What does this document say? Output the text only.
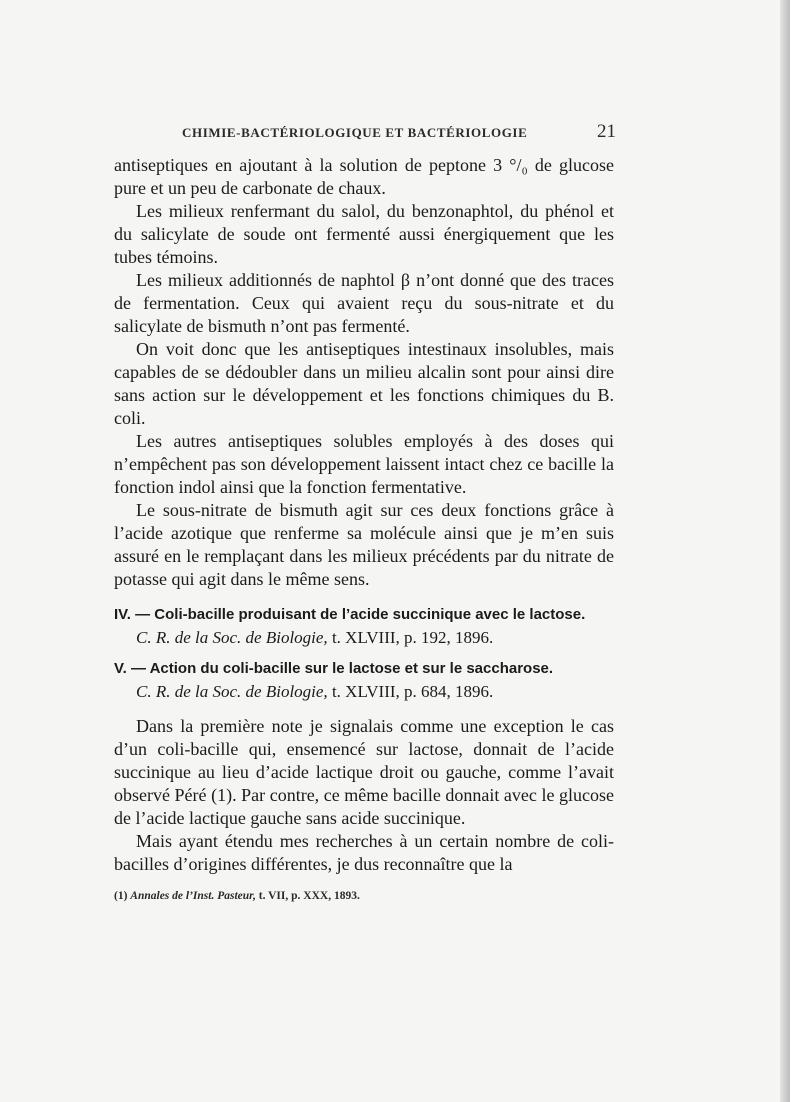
CHIMIE-BACTÉRIOLOGIQUE ET BACTÉRIOLOGIE	21

antiseptiques en ajoutant à la solution de peptone 3 °/₀ de glucose pure et un peu de carbonate de chaux.

Les milieux renfermant du salol, du benzonaphtol, du phénol et du salicylate de soude ont fermenté aussi énergiquement que les tubes témoins.

Les milieux additionnés de naphtol β n’ont donné que des traces de fermentation. Ceux qui avaient reçu du sous-nitrate et du salicylate de bismuth n’ont pas fermenté.

On voit donc que les antiseptiques intestinaux insolubles, mais capables de se dédoubler dans un milieu alcalin sont pour ainsi dire sans action sur le développement et les fonctions chimiques du B. coli.

Les autres antiseptiques solubles employés à des doses qui n’empêchent pas son développement laissent intact chez ce bacille la fonction indol ainsi que la fonction fermentative.

Le sous-nitrate de bismuth agit sur ces deux fonctions grâce à l’acide azotique que renferme sa molécule ainsi que je m’en suis assuré en le remplaçant dans les milieux précédents par du nitrate de potasse qui agit dans le même sens.

IV. — Coli-bacille produisant de l’acide succinique avec le lactose.

C. R. de la Soc. de Biologie, t. XLVIII, p. 192, 1896.

V. — Action du coli-bacille sur le lactose et sur le saccharose.

C. R. de la Soc. de Biologie, t. XLVIII, p. 684, 1896.

Dans la première note je signalais comme une exception le cas d’un coli-bacille qui, ensemencé sur lactose, donnait de l’acide succinique au lieu d’acide lactique droit ou gauche, comme l’avait observé Péré (1). Par contre, ce même bacille donnait avec le glucose de l’acide lactique gauche sans acide succinique.

Mais ayant étendu mes recherches à un certain nombre de coli-bacilles d’origines différentes, je dus reconnaître que la

(1) Annales de l’Inst. Pasteur, t. VII, p. XXX, 1893.
